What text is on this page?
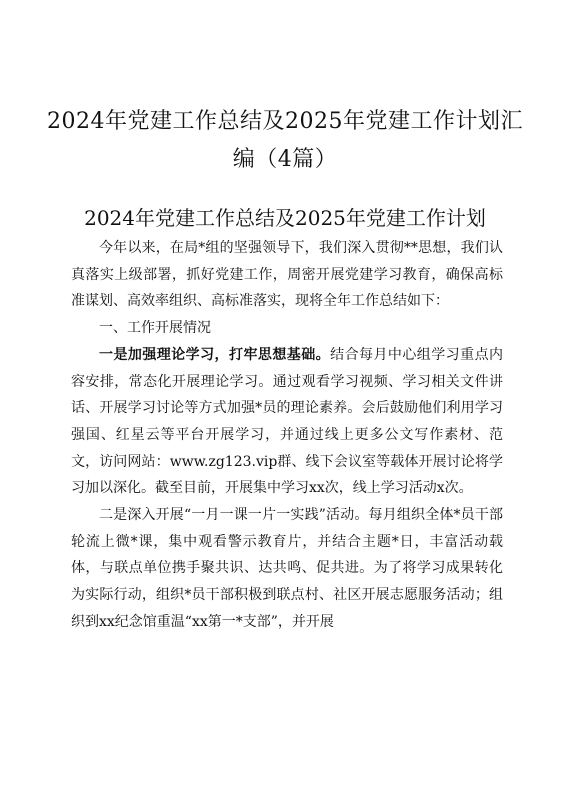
2024年党建工作总结及2025年党建工作计划汇编（4篇）
2024年党建工作总结及2025年党建工作计划

今年以来，在局*组的坚强领导下，我们深入贯彻**思想，我们认真落实上级部署，抓好党建工作，周密开展党建学习教育，确保高标准谋划、高效率组织、高标准落实，现将全年工作总结如下：

一、工作开展情况

一是加强理论学习，打牢思想基础。结合每月中心组学习重点内容安排，常态化开展理论学习。通过观看学习视频、学习相关文件讲话、开展学习讨论等方式加强*员的理论素养。会后鼓励他们利用学习强国、红星云等平台开展学习，并通过线上更多公文写作素材、范文，访问网站：www.zg123.vip群、线下会议室等载体开展讨论将学习加以深化。截至目前，开展集中学习xx次，线上学习活动x次。

二是深入开展“一月一课一片一实践”活动。每月组织全体*员干部轮流上微*课，集中观看警示教育片，并结合主题*日，丰富活动载体，与联点单位携手聚共识、达共鸣、促共进。为了将学习成果转化为实际行动，组织*员干部积极到联点村、社区开展志愿服务活动；组织到xx纪念馆重温“xx第一*支部”，并开展
